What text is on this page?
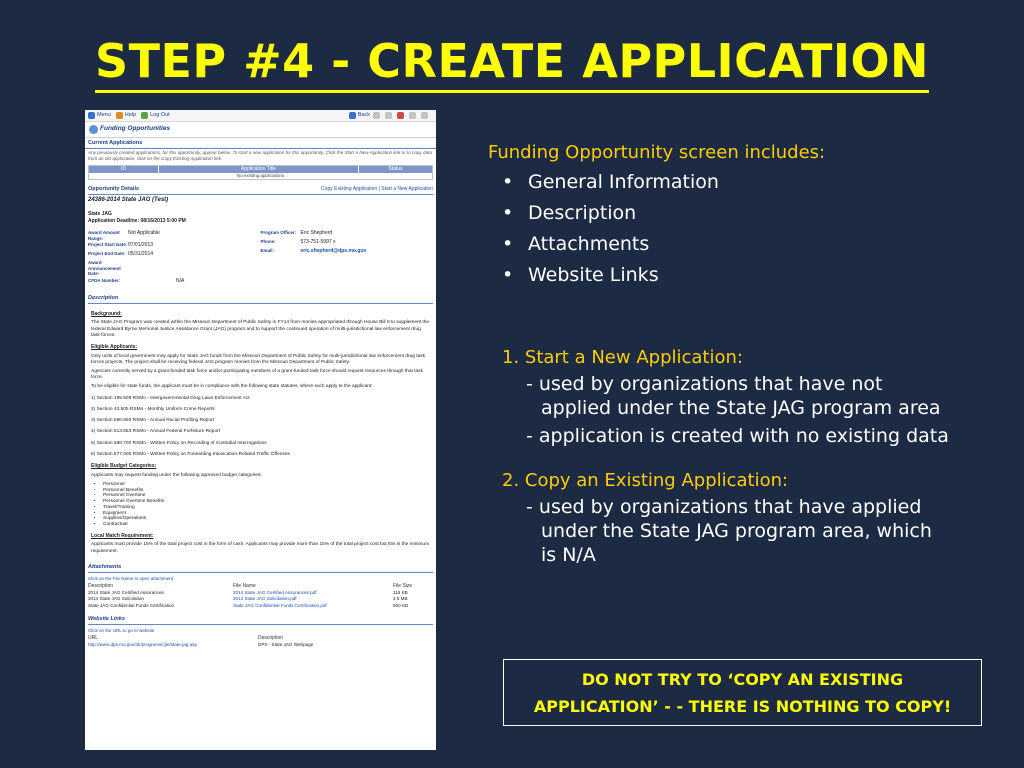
STEP #4 - CREATE APPLICATION
Menu	Help	Log Out	Back
Funding Opportunities
Current Applications
Any previously created applications, for this opportunity, appear below. To start a new application for this opportunity, Click the Start a New Application link or to copy data from an old application, click on the Copy Existing Application link.
ID	Application Title	Status
No existing applications
Opportunity Details	Copy Existing Application | Start a New Application
24386-2014 State JAG (Test)
State JAG
Application Deadline: 08/16/2013 5:00 PM
Award Amount Range:
Not Applicable
Project Start Date: 07/01/2013
Project End Date: 05/31/2014
Award Announcement Date:
CFDA Number:	N/A
Program Officer: Eric Shepherd
Phone:	573-751-5997 x
Email:	eric.shepherd@dps.mo.gov
Description
Background:

The State JAG Program was created within the Missouri Department of Public Safety in FY14 from monies appropriated through House Bill 8 to supplement the federal Edward Byrne Memorial Justice Assistance Grant (JAG) program and to support the continued operation of multi-jurisdictional law enforcement drug task forces.

Eligible Applicants:

Only units of local government may apply for State JAG funds from the Missouri Department of Public Safety for multi-jurisdictional law enforcement drug task forces projects. The project shall be receiving federal JAG program monies from the Missouri Department of Public Safety.

Agencies currently served by a grant-funded task force and/or participating members of a grant-funded task force should request resources through that task force.

To be eligible for state funds, the applicant must be in compliance with the following state statutes, where such apply to the applicant:

1) Section 195.508 RSMo - Intergovernmental Drug Laws Enforcement Act

2) Section 43.505 RSMo - Monthly Uniform Crime Reports

3) Section 590.650 RSMo - Annual Racial Profiling Report

4) Section 513.653 RSMo - Annual Federal Forfeiture Report

5) Section 590.700 RSMo - Written Policy on Recording of Custodial Interrogations

6) Section 577.005 RSMo - Written Policy on Forwarding Intoxication-Related Traffic Offenses

Eligible Budget Categories:

Applicants may request funding under the following approved budget categories:

• Personnel
• Personnel Benefits
• Personnel Overtime
• Personnel Overtime Benefits
• Travel/Training
• Equipment
• Supplies/Operations
• Contractual
Local Match Requirement:

Applicants must provide 15% of the total project cost in the form of cash. Applicants may provide more than 15% of the total project cost but this is the minimum requirement.

Attachments
Click on the File Name to open attachment
Description	File Name	File Size
2014 State JAG Certified Assurances	2014 State JAG Certified Assurances.pdf	115 KB
2014 State JAG Solicitation	2014 State JAG Solicitation.pdf	2.5 MB
State JAG Confidential Funds Certification	State JAG Confidential Funds Certification.pdf	500 KB
Website Links
Click on the URL to go to website
URL	Description
http://www.dps.mo.gov/dir/programs/cjle/state-jag.asp	DPS - State JAG Webpage
Funding Opportunity screen includes:
• General Information
• Description
• Attachments
• Website Links
1. Start a New Application:
- used by organizations that have not
applied under the State JAG program area
- application is created with no existing data
2. Copy an Existing Application:
- used by organizations that have applied
under the State JAG program area, which
is N/A
DO NOT TRY TO ‘COPY AN EXISTING
APPLICATION’ - - THERE IS NOTHING TO COPY!
